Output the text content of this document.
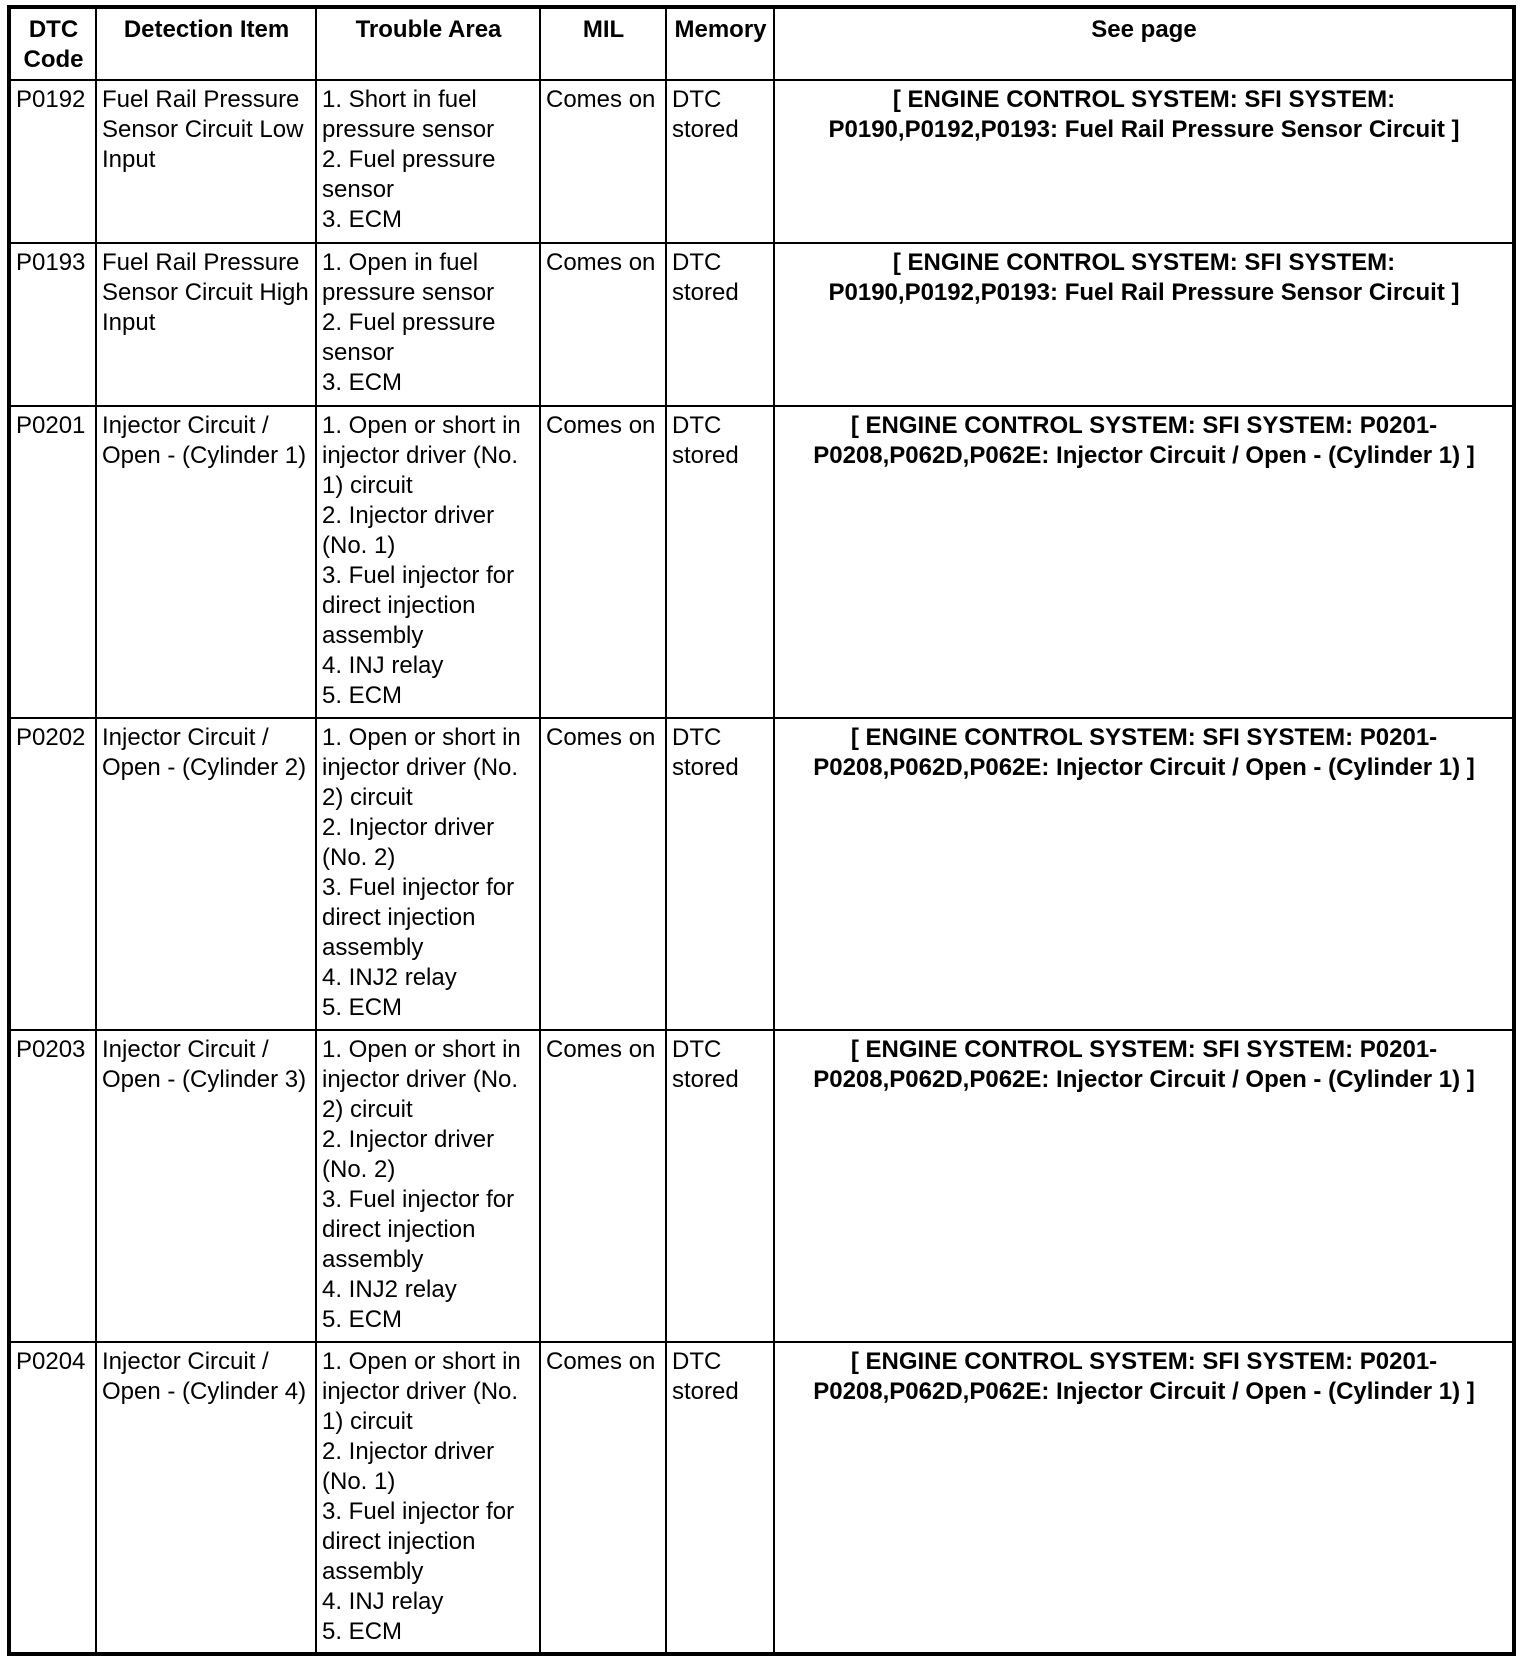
DTC
Code	Detection Item	Trouble Area	MIL	Memory	See page
P0192	Fuel Rail Pressure Sensor Circuit Low Input	1. Short in fuel pressure sensor
2. Fuel pressure sensor
3. ECM	Comes on	DTC stored	[ ENGINE CONTROL SYSTEM: SFI SYSTEM: P0190,P0192,P0193: Fuel Rail Pressure Sensor Circuit ]
P0193	Fuel Rail Pressure Sensor Circuit High Input	1. Open in fuel pressure sensor
2. Fuel pressure sensor
3. ECM	Comes on	DTC stored	[ ENGINE CONTROL SYSTEM: SFI SYSTEM: P0190,P0192,P0193: Fuel Rail Pressure Sensor Circuit ]
P0201	Injector Circuit / Open - (Cylinder 1)	1. Open or short in injector driver (No. 1) circuit
2. Injector driver (No. 1)
3. Fuel injector for direct injection assembly
4. INJ relay
5. ECM	Comes on	DTC stored	[ ENGINE CONTROL SYSTEM: SFI SYSTEM: P0201-P0208,P062D,P062E: Injector Circuit / Open - (Cylinder 1) ]
P0202	Injector Circuit / Open - (Cylinder 2)	1. Open or short in injector driver (No. 2) circuit
2. Injector driver (No. 2)
3. Fuel injector for direct injection assembly
4. INJ2 relay
5. ECM	Comes on	DTC stored	[ ENGINE CONTROL SYSTEM: SFI SYSTEM: P0201-P0208,P062D,P062E: Injector Circuit / Open - (Cylinder 1) ]
P0203	Injector Circuit / Open - (Cylinder 3)	1. Open or short in injector driver (No. 2) circuit
2. Injector driver (No. 2)
3. Fuel injector for direct injection assembly
4. INJ2 relay
5. ECM	Comes on	DTC stored	[ ENGINE CONTROL SYSTEM: SFI SYSTEM: P0201-P0208,P062D,P062E: Injector Circuit / Open - (Cylinder 1) ]
P0204	Injector Circuit / Open - (Cylinder 4)	1. Open or short in injector driver (No. 1) circuit
2. Injector driver (No. 1)
3. Fuel injector for direct injection assembly
4. INJ relay
5. ECM	Comes on	DTC stored	[ ENGINE CONTROL SYSTEM: SFI SYSTEM: P0201-P0208,P062D,P062E: Injector Circuit / Open - (Cylinder 1) ]
